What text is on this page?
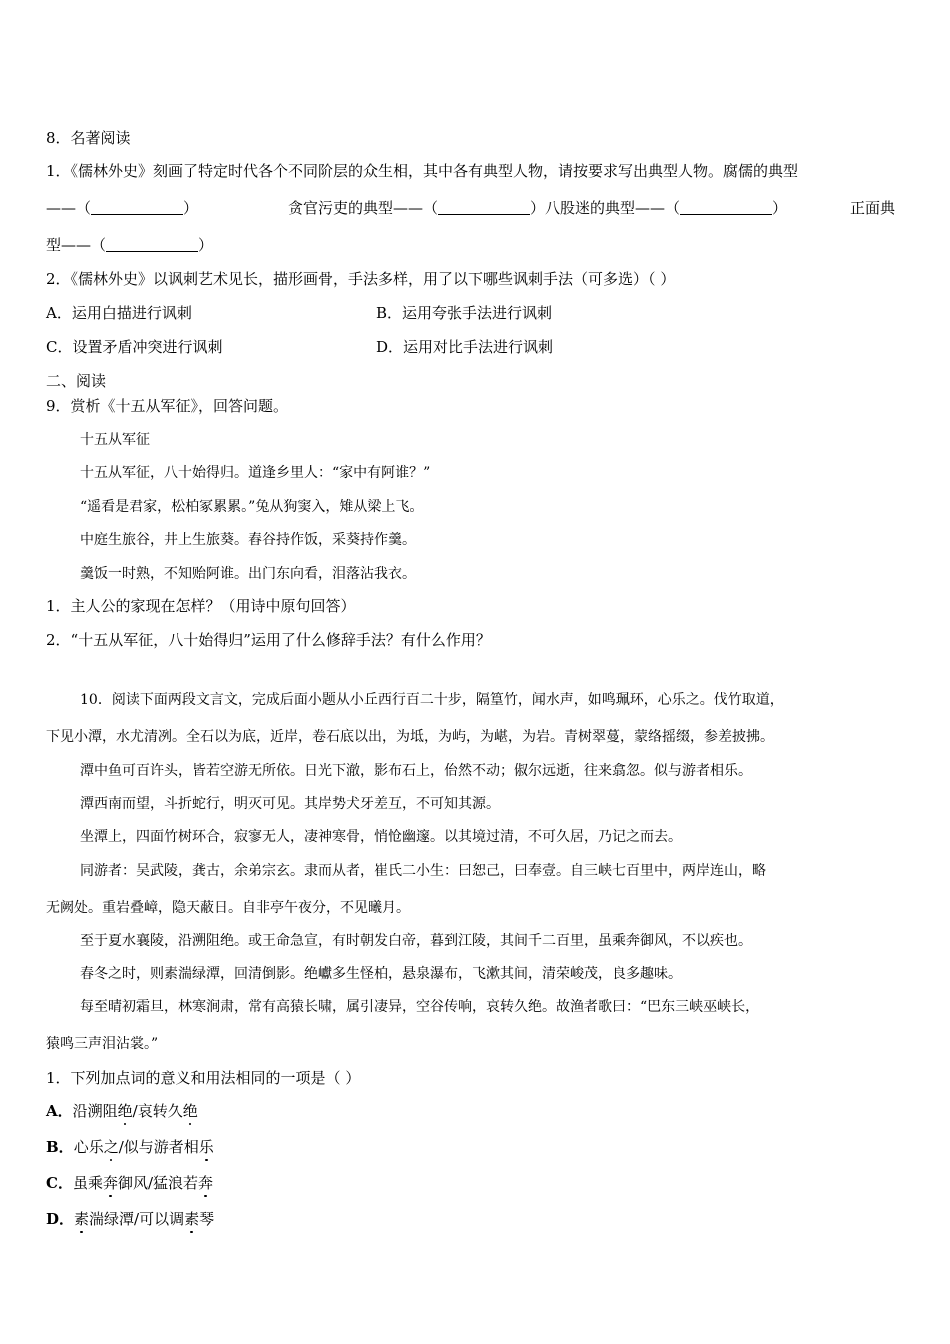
8．名著阅读
1．《儒林外史》刻画了特定时代各个不同阶层的众生相，其中各有典型人物，请按要求写出典型人物。腐儒的典型
——（	）	贪官污吏的典型——（	）八股迷的典型——（	）	正面典
型——（	）
2．《儒林外史》以讽刺艺术见长，描形画骨，手法多样，用了以下哪些讽刺手法（可多选）（ ）
A．运用白描进行讽刺	B．运用夸张手法进行讽刺
C．设置矛盾冲突进行讽刺	D．运用对比手法进行讽刺
二、阅读
9．赏析《十五从军征》，回答问题。
十五从军征
十五从军征，八十始得归。道逢乡里人：“家中有阿谁？”
“遥看是君家，松柏冢累累。”兔从狗窦入，雉从梁上飞。
中庭生旅谷，井上生旅葵。舂谷持作饭，采葵持作羹。
羹饭一时熟，不知贻阿谁。出门东向看，泪落沾我衣。
1．主人公的家现在怎样？（用诗中原句回答）
2．“十五从军征，八十始得归”运用了什么修辞手法？有什么作用？
10．阅读下面两段文言文，完成后面小题从小丘西行百二十步，隔篁竹，闻水声，如鸣珮环，心乐之。伐竹取道，
下见小潭，水尤清冽。全石以为底，近岸，卷石底以出，为坻，为屿，为嵁，为岩。青树翠蔓，蒙络摇缀，参差披拂。
潭中鱼可百许头，皆若空游无所依。日光下澈，影布石上，佁然不动；俶尔远逝，往来翕忽。似与游者相乐。
潭西南而望，斗折蛇行，明灭可见。其岸势犬牙差互，不可知其源。
坐潭上，四面竹树环合，寂寥无人，凄神寒骨，悄怆幽邃。以其境过清，不可久居，乃记之而去。
同游者：吴武陵，龚古，余弟宗玄。隶而从者，崔氏二小生：曰恕己，曰奉壹。自三峡七百里中，两岸连山，略
无阙处。重岩叠嶂，隐天蔽日。自非亭午夜分，不见曦月。
至于夏水襄陵，沿溯阻绝。或王命急宣，有时朝发白帝，暮到江陵，其间千二百里，虽乘奔御风，不以疾也。
春冬之时，则素湍绿潭，回清倒影。绝巘多生怪柏，悬泉瀑布，飞漱其间，清荣峻茂，良多趣味。
每至晴初霜旦，林寒涧肃，常有高猿长啸，属引凄异，空谷传响，哀转久绝。故渔者歌曰：“巴东三峡巫峡长，
猿鸣三声泪沾裳。”
1．下列加点词的意义和用法相同的一项是（ ）
A．沿溯阻绝/哀转久绝
B．心乐之/似与游者相乐
C．虽乘奔御风/猛浪若奔
D．素湍绿潭/可以调素琴
